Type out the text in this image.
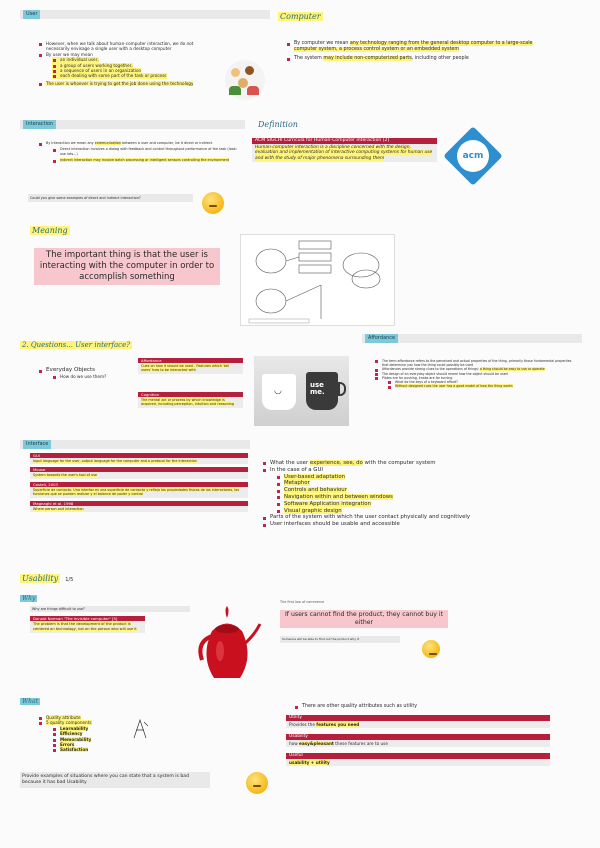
User
However, when we talk about human-computer interaction, we do not necessarily envisage a single user with a desktop computer
By user we may mean
an individual user,
a group of users working together,
a sequence of users in an organization
each dealing with some part of the task or process
The user is whoever is trying to get the job done using the technology
Computer
By computer we mean any technology ranging from the general desktop computer to a large-scale computer system, a process control system or an embedded system
The system may include non-computerized parts, including other people
Interaction
By interaction we mean any communication between a user and computer, be it direct or indirect
Direct interaction involves a dialog with feedback and control throughout performance of the task (look: use lots...)
Indirect interaction may involve batch processing or intelligent sensors controlling the environment
Could you give some examples of direct and indirect interaction?
Definition
ACM SIGCHI Curricula for Human-Computer Interaction [2]
Human-computer interaction is a discipline concerned with the design, evaluation and implementation of interactive computing systems for human use and with the study of major phenomena surrounding them	acm
Meaning
The important thing is that the user is interacting with the computer in order to accomplish something
2. Questions... User interface?
Everyday Objects
How do we use them?
Affordance
Cues on how it should be used - Features which 'tell users' how to be interacted with
Cognition
The mental act or process by which knowledge is acquired, including perception, intuition and reasoning
use me.
◡
Affordance
The term affordance refers to the perceived and actual properties of the thing, primarily those fundamental properties that determine just how the thing could possibly be used
Affordances provide strong clues to the operations of things: a thing should be easy to use or operate
The design of an everyday object should reveal how the object should be used
Plates are for pushing, knobs are for turning
What do the keys of a keyboard afford?
Without designed cues the user has a good model of how the thing works
Interface
GUI
Input language for the user, output language for the computer and a protocol for the interaction
Mouse
System towards the user's tool of use
Castell, 2003
Superficie de contacto. Una interfaz es una superficie de contacto y refleja las propiedades fisicas de los interactores, las funciones que se pueden realizar y el balance de poder y control
Magnaghi et al, 1998
Where person and interaction
What the user experience, see, do with the computer system
In the case of a GUI
User-based adaptation
Metaphor
Controls and behaviour
Navigation within and between windows
Software Application integration
Visual graphic design
Parts of the system with which the user contact physically and cognitively
User interfaces should be usable and accessible
Usability 1/5
Why
Why are things difficult to use?
Donald Norman "The invisible computer" [5]
The problem is that the development of the product is centered on technology, not on the person who will use it
The first law of commerce
If users cannot find the product, they cannot buy it either
Someone will be able to find out the product why it
What
Quality attribute
5 quality components
Learnability
Efficiency
Memorability
Errors
Satisfaction
Provide examples of situations where you can state that a system is bad because it has bad Usability
There are other quality attributes such as utility
Utility
Provides the features you need
Usability
how easy&pleasant these features are to use
Useful
usability + utility
